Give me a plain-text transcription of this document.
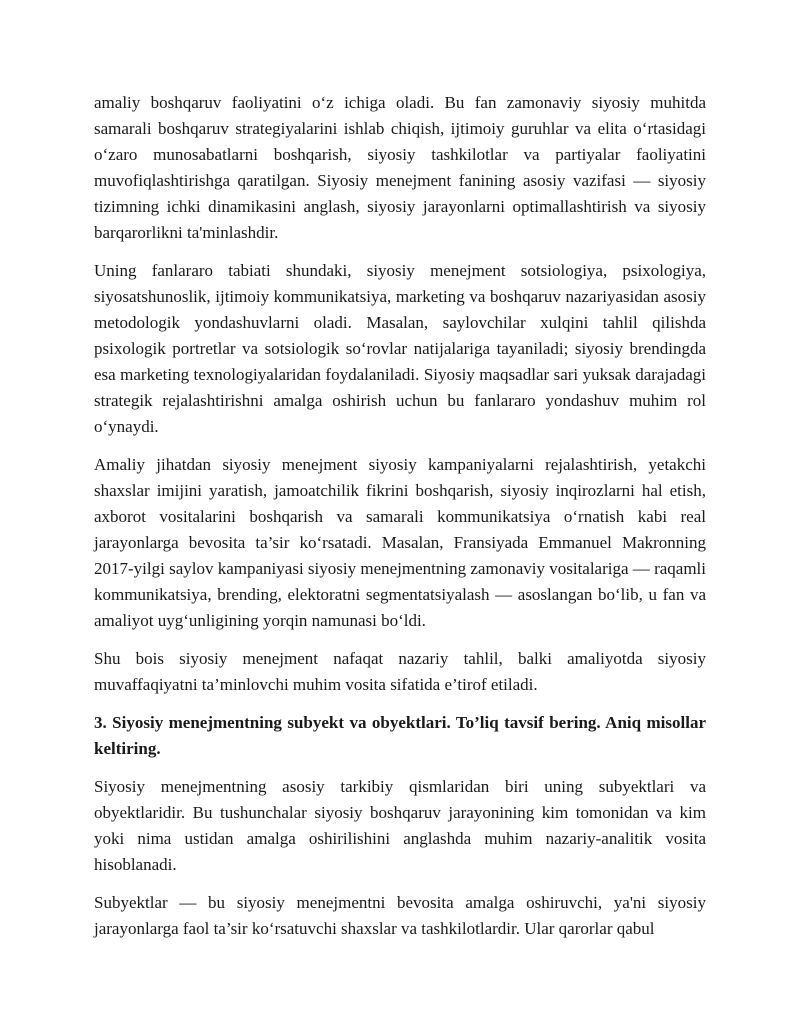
amaliy boshqaruv faoliyatini o‘z ichiga oladi. Bu fan zamonaviy siyosiy muhitda samarali boshqaruv strategiyalarini ishlab chiqish, ijtimoiy guruhlar va elita o‘rtasidagi o‘zaro munosabatlarni boshqarish, siyosiy tashkilotlar va partiyalar faoliyatini muvofiqlashtirishga qaratilgan. Siyosiy menejment fanining asosiy vazifasi — siyosiy tizimning ichki dinamikasini anglash, siyosiy jarayonlarni optimallashtirish va siyosiy barqarorlikni ta'minlashdir.

Uning fanlararo tabiati shundaki, siyosiy menejment sotsiologiya, psixologiya, siyosatshunoslik, ijtimoiy kommunikatsiya, marketing va boshqaruv nazariyasidan asosiy metodologik yondashuvlarni oladi. Masalan, saylovchilar xulqini tahlil qilishda psixologik portretlar va sotsiologik so‘rovlar natijalariga tayaniladi; siyosiy brendingda esa marketing texnologiyalaridan foydalaniladi. Siyosiy maqsadlar sari yuksak darajadagi strategik rejalashtirishni amalga oshirish uchun bu fanlararo yondashuv muhim rol o‘ynaydi.

Amaliy jihatdan siyosiy menejment siyosiy kampaniyalarni rejalashtirish, yetakchi shaxslar imijini yaratish, jamoatchilik fikrini boshqarish, siyosiy inqirozlarni hal etish, axborot vositalarini boshqarish va samarali kommunikatsiya o‘rnatish kabi real jarayonlarga bevosita ta’sir ko‘rsatadi. Masalan, Fransiyada Emmanuel Makronning 2017-yilgi saylov kampaniyasi siyosiy menejmentning zamonaviy vositalariga — raqamli kommunikatsiya, brending, elektoratni segmentatsiyalash — asoslangan bo‘lib, u fan va amaliyot uyg‘unligining yorqin namunasi bo‘ldi.

Shu bois siyosiy menejment nafaqat nazariy tahlil, balki amaliyotda siyosiy muvaffaqiyatni ta’minlovchi muhim vosita sifatida e’tirof etiladi.

3. Siyosiy menejmentning subyekt va obyektlari. To’liq tavsif bering. Aniq misollar keltiring.

Siyosiy menejmentning asosiy tarkibiy qismlaridan biri uning subyektlari va obyektlaridir. Bu tushunchalar siyosiy boshqaruv jarayonining kim tomonidan va kim yoki nima ustidan amalga oshirilishini anglashda muhim nazariy-analitik vosita hisoblanadi.

Subyektlar — bu siyosiy menejmentni bevosita amalga oshiruvchi, ya'ni siyosiy jarayonlarga faol ta’sir ko‘rsatuvchi shaxslar va tashkilotlardir. Ular qarorlar qabul
